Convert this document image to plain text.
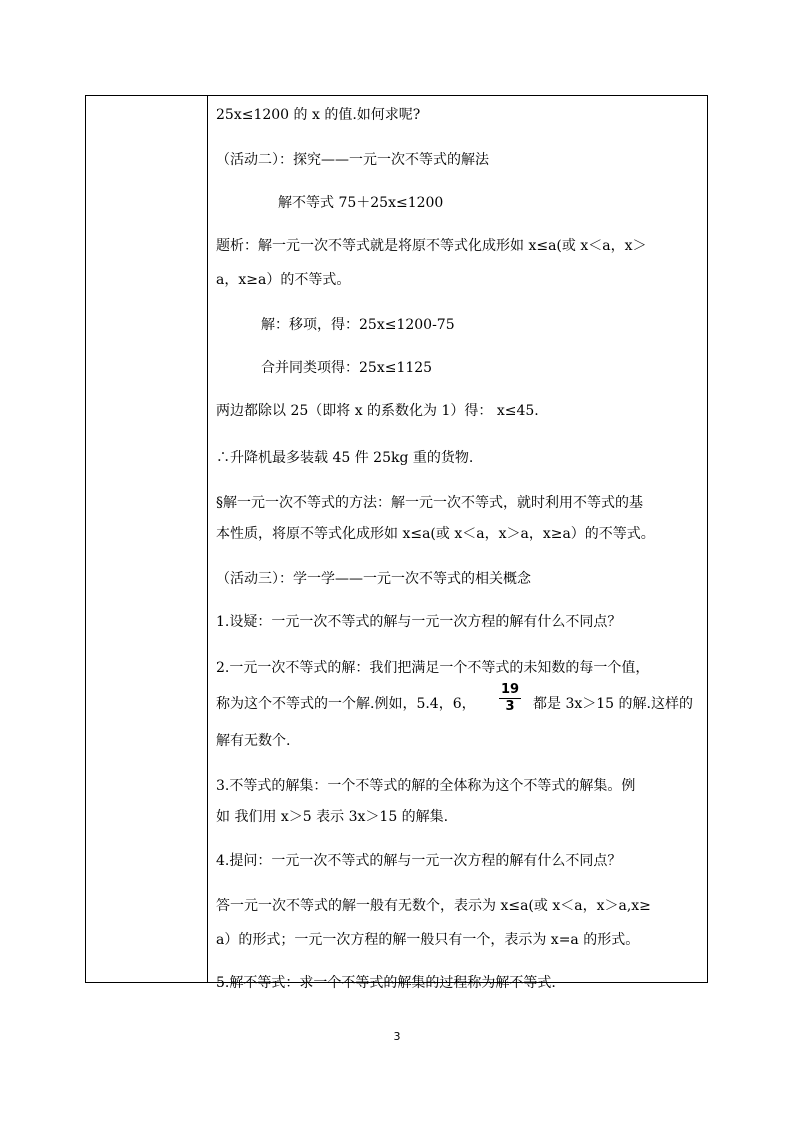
25x≤1200 的 x 的值.如何求呢?
（活动二）：探究——一元一次不等式的解法
解不等式 75＋25x≤1200
题析：解一元一次不等式就是将原不等式化成形如 x≤a(或 x＜a，x＞
a，x≥a）的不等式。
解：移项，得：25x≤1200-75
合并同类项得：25x≤1125
两边都除以 25（即将 x 的系数化为 1）得： x≤45.
∴升降机最多装载 45 件 25kg 重的货物.
§解一元一次不等式的方法：解一元一次不等式，就时利用不等式的基
本性质，将原不等式化成形如 x≤a(或 x＜a，x＞a，x≥a）的不等式。
（活动三）：学一学——一元一次不等式的相关概念
1.设疑：一元一次不等式的解与一元一次方程的解有什么不同点？
2.一元一次不等式的解：我们把满足一个不等式的未知数的每一个值，
称为这个不等式的一个解.例如，5.4，6， $\frac{19}{3}$ 都是 3x＞15 的解.这样的
解有无数个.
3.不等式的解集：一个不等式的解的全体称为这个不等式的解集。例
如 我们用 x＞5 表示 3x＞15 的解集.
4.提问：一元一次不等式的解与一元一次方程的解有什么不同点？
答一元一次不等式的解一般有无数个，表示为 x≤a(或 x＜a，x＞a,x≥
a）的形式；一元一次方程的解一般只有一个，表示为 x=a 的形式。
5.解不等式：求一个不等式的解集的过程称为解不等式.
3
